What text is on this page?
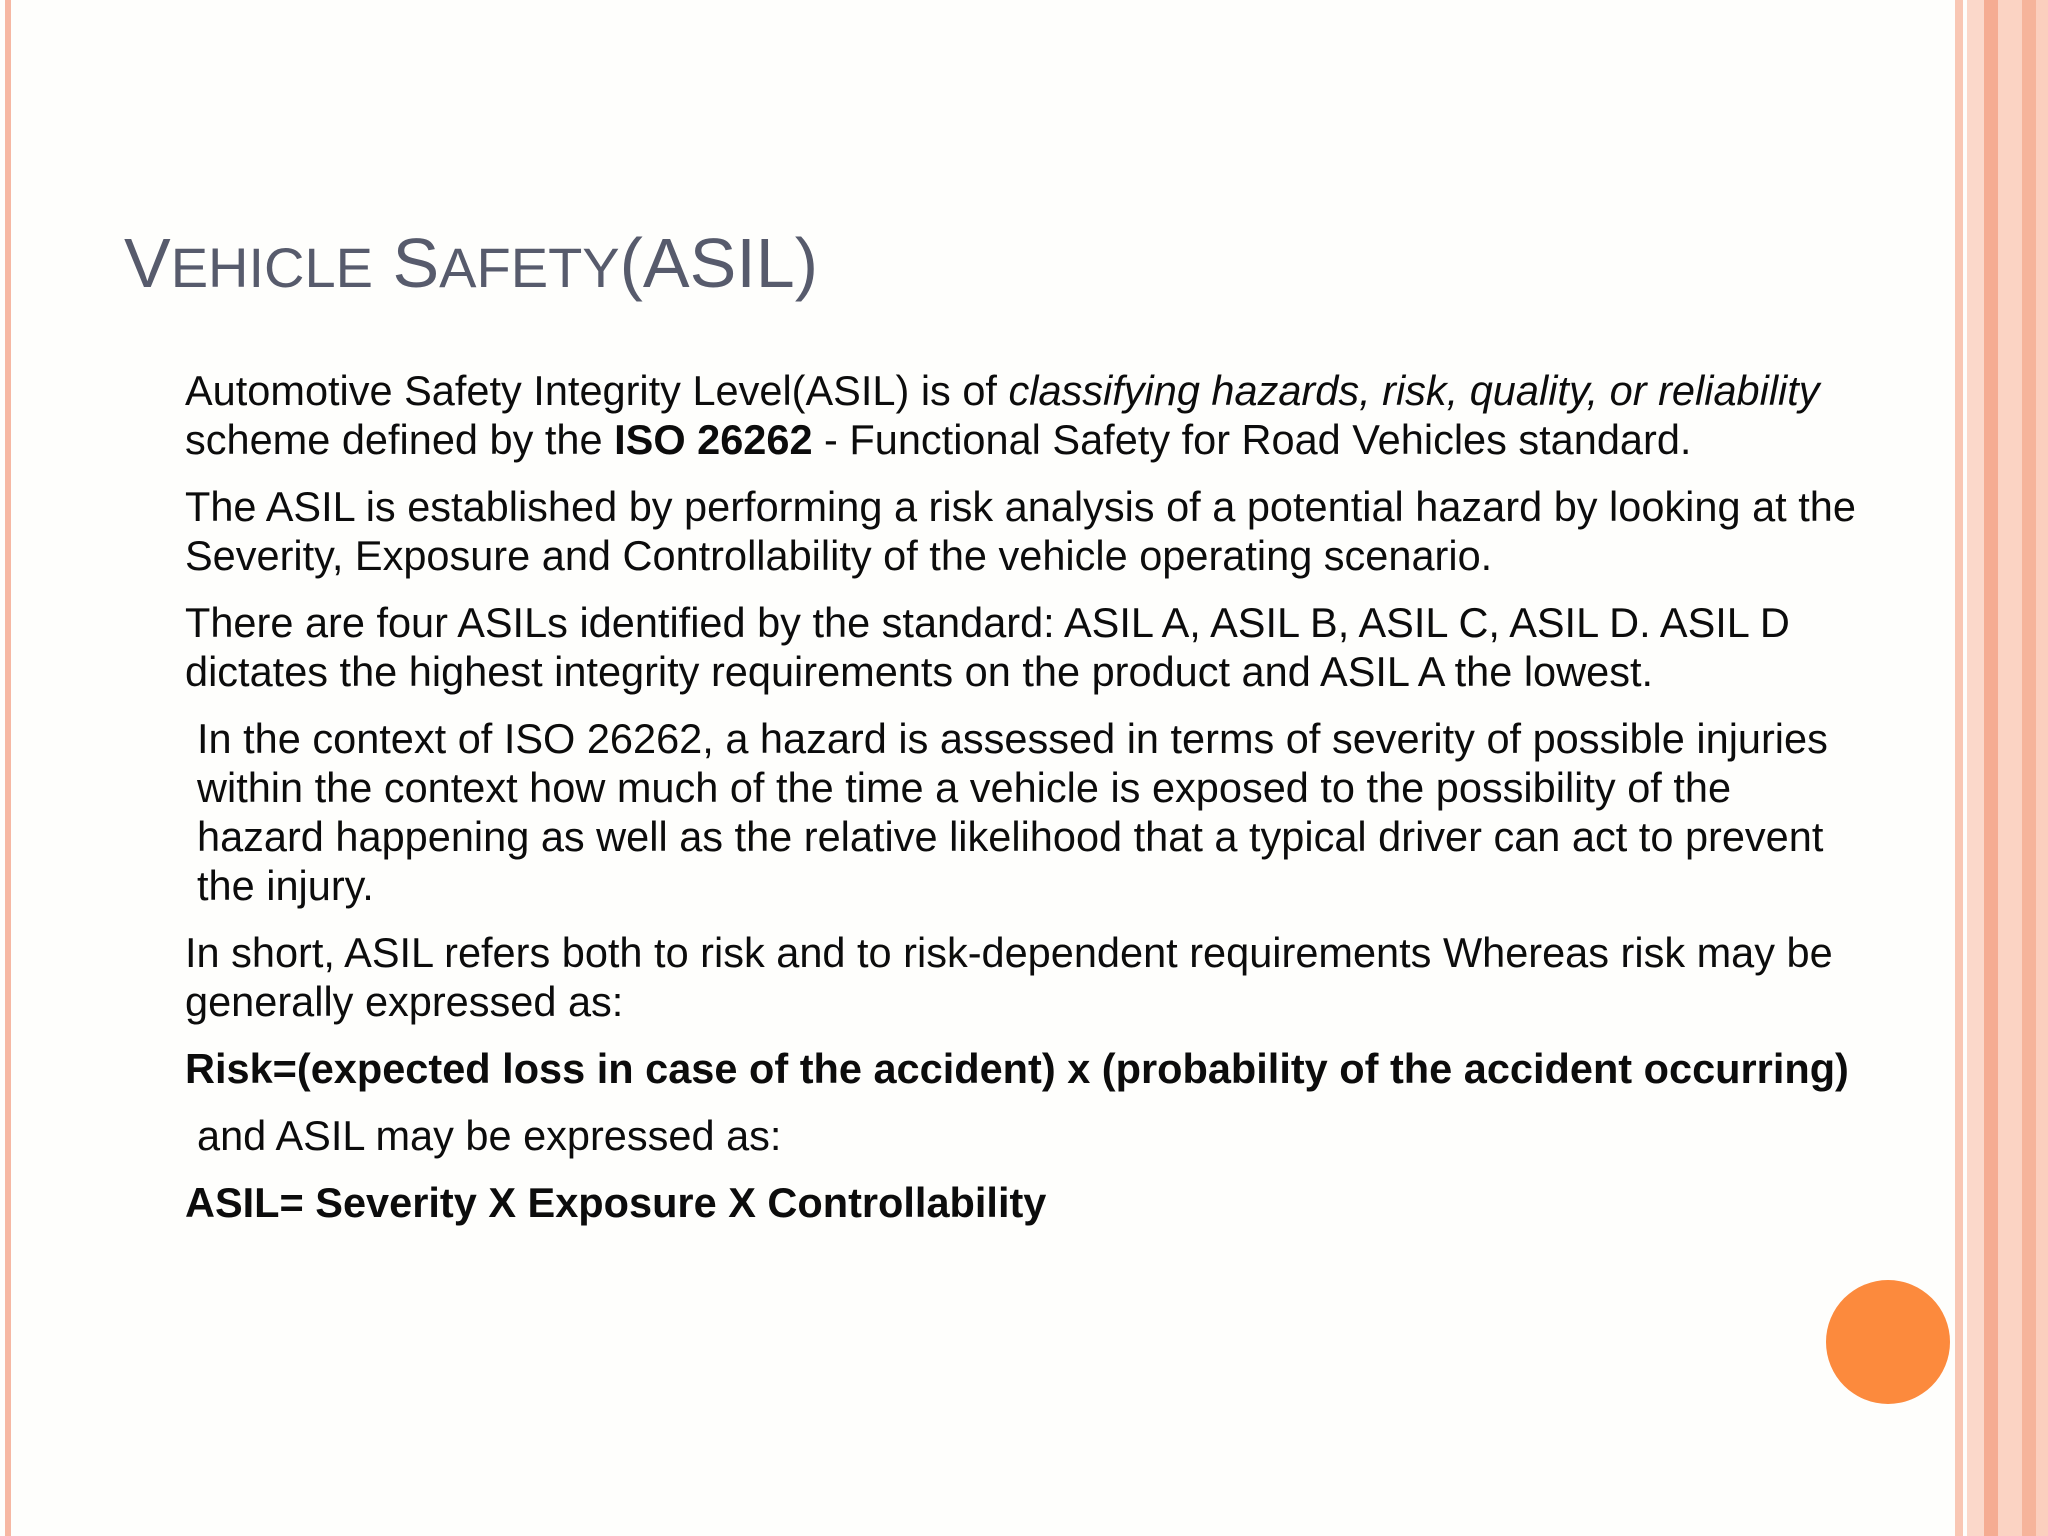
VEHICLE SAFETY(ASIL)

Automotive Safety Integrity Level(ASIL) is of classifying hazards, risk, quality, or reliability scheme defined by the ISO 26262 - Functional Safety for Road Vehicles standard.

The ASIL is established by performing a risk analysis of a potential hazard by looking at the Severity, Exposure and Controllability of the vehicle operating scenario.

There are four ASILs identified by the standard: ASIL A, ASIL B, ASIL C, ASIL D. ASIL D dictates the highest integrity requirements on the product and ASIL A the lowest.

In the context of ISO 26262, a hazard is assessed in terms of severity of possible injuries within the context how much of the time a vehicle is exposed to the possibility of the hazard happening as well as the relative likelihood that a typical driver can act to prevent the injury.

In short, ASIL refers both to risk and to risk-dependent requirements Whereas risk may be generally expressed as:

Risk=(expected loss in case of the accident) x (probability of the accident occurring)

and ASIL may be expressed as:

ASIL= Severity X Exposure X Controllability
